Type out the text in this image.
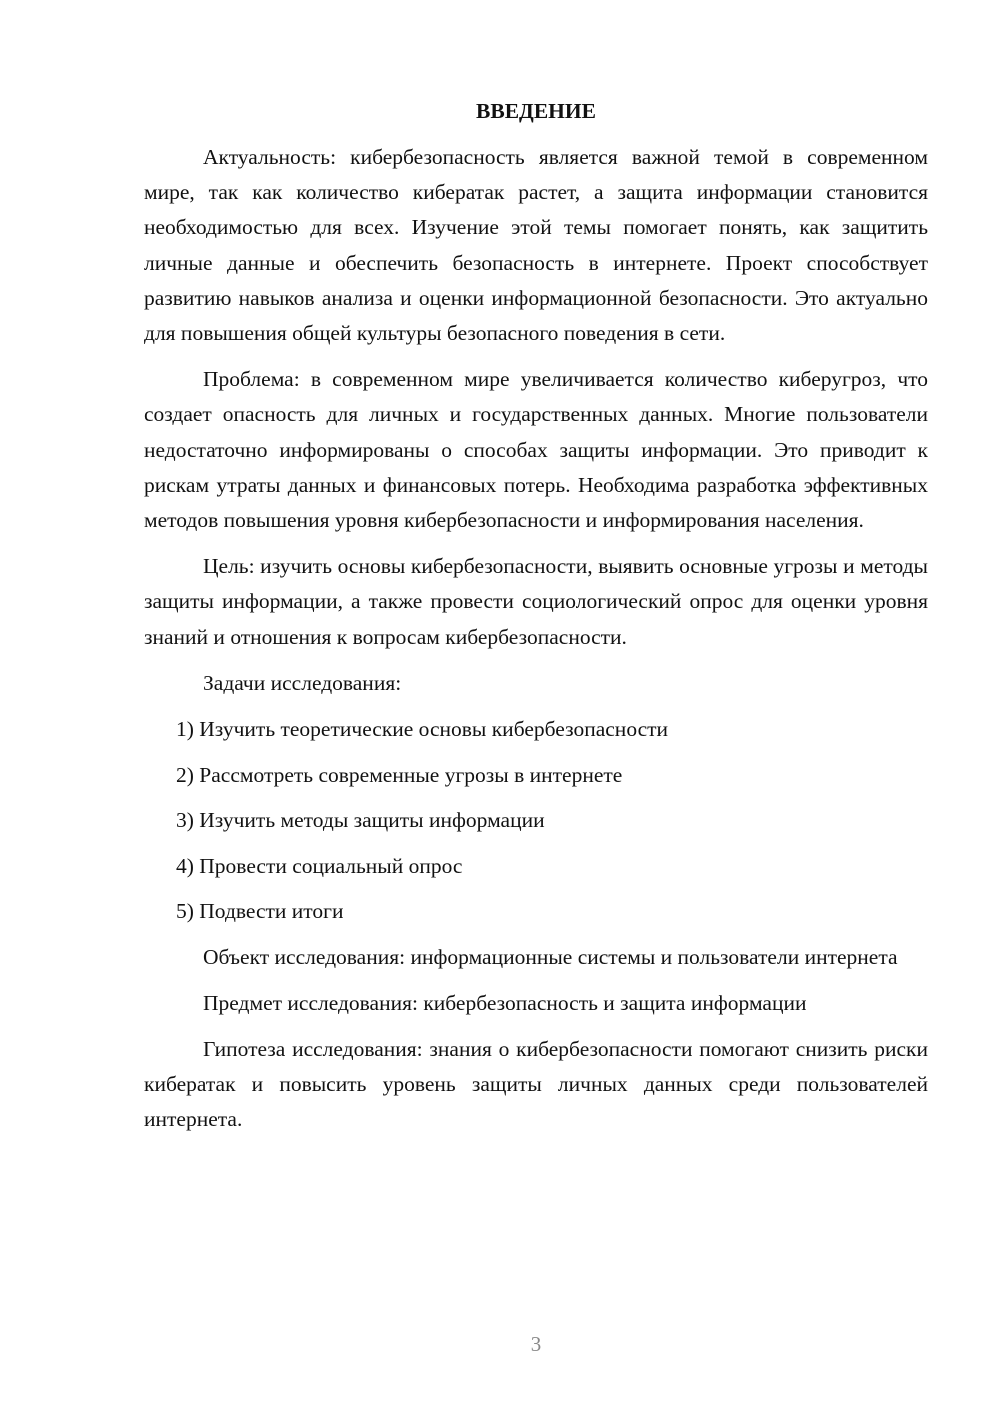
ВВЕДЕНИЕ

Актуальность: кибербезопасность является важной темой в современном мире, так как количество кибератак растет, а защита информации становится необходимостью для всех. Изучение этой темы помогает понять, как защитить личные данные и обеспечить безопасность в интернете. Проект способствует развитию навыков анализа и оценки информационной безопасности. Это актуально для повышения общей культуры безопасного поведения в сети.

Проблема: в современном мире увеличивается количество киберугроз, что создает опасность для личных и государственных данных. Многие пользователи недостаточно информированы о способах защиты информации. Это приводит к рискам утраты данных и финансовых потерь. Необходима разработка эффективных методов повышения уровня кибербезопасности и информирования населения.

Цель: изучить основы кибербезопасности, выявить основные угрозы и методы защиты информации, а также провести социологический опрос для оценки уровня знаний и отношения к вопросам кибербезопасности.

Задачи исследования:

1) Изучить теоретические основы кибербезопасности
2) Рассмотреть современные угрозы в интернете
3) Изучить методы защиты информации
4) Провести социальный опрос
5) Подвести итоги

Объект исследования: информационные системы и пользователи интернета

Предмет исследования: кибербезопасность и защита информации

Гипотеза исследования: знания о кибербезопасности помогают снизить риски кибератак и повысить уровень защиты личных данных среди пользователей интернета.

3
